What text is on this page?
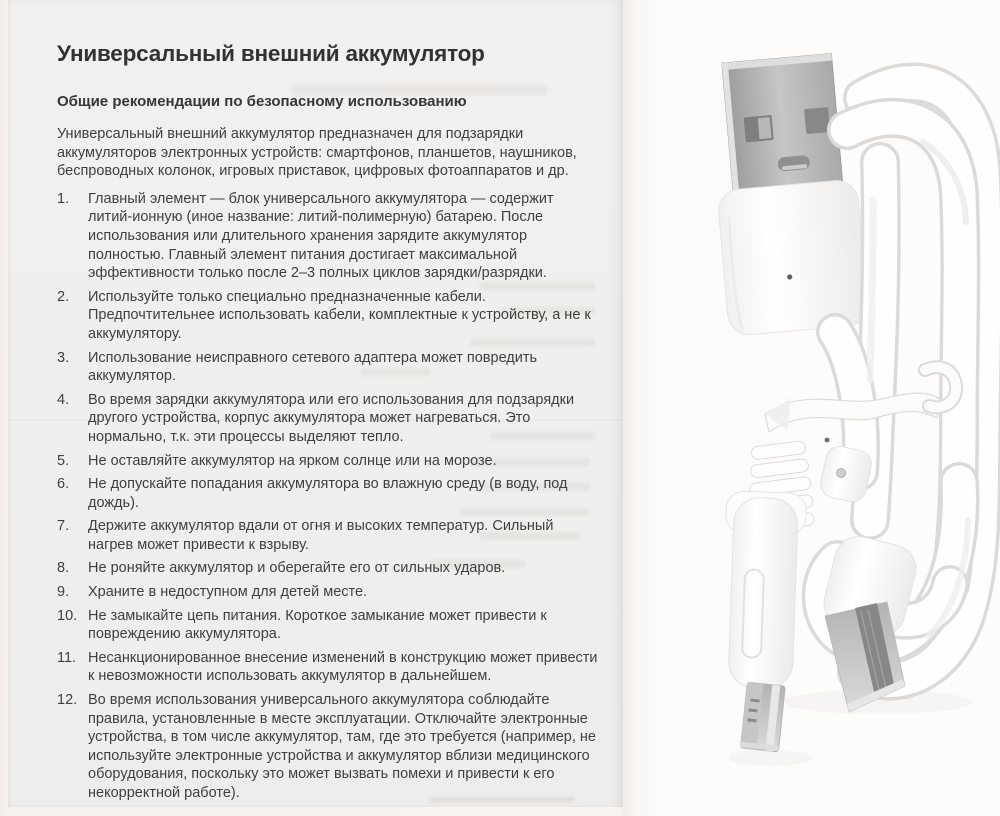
Универсальный внешний аккумулятор
Общие рекомендации по безопасному использованию

Универсальный внешний аккумулятор предназначен для подзарядки аккумуляторов электронных устройств: смартфонов, планшетов, наушников, беспроводных колонок, игровых приставок, цифровых фотоаппаратов и др.

1.	Главный элемент — блок универсального аккумулятора — содержит литий-ионную (иное название: литий-полимерную) батарею. После использования или длительного хранения зарядите аккумулятор полностью. Главный элемент питания достигает максимальной эффективности только после 2–3 полных циклов зарядки/разрядки.
2.	Используйте только специально предназначенные кабели. Предпочтительнее использовать кабели, комплектные к устройству, а не к аккумулятору.
3.	Использование неисправного сетевого адаптера может повредить аккумулятор.
4.	Во время зарядки аккумулятора или его использования для подзарядки другого устройства, корпус аккумулятора может нагреваться. Это нормально, т.к. эти процессы выделяют тепло.
5.	Не оставляйте аккумулятор на ярком солнце или на морозе.
6.	Не допускайте попадания аккумулятора во влажную среду (в воду, под дождь).
7.	Держите аккумулятор вдали от огня и высоких температур. Сильный нагрев может привести к взрыву.
8.	Не роняйте аккумулятор и оберегайте его от сильных ударов.
9.	Храните в недоступном для детей месте.
10. Не замыкайте цепь питания. Короткое замыкание может привести к повреждению аккумулятора.
11. Несанкционированное внесение изменений в конструкцию может привести к невозможности использовать аккумулятор в дальнейшем.
12. Во время использования универсального аккумулятора соблюдайте правила, установленные в месте эксплуатации. Отключайте электронные устройства, в том числе аккумулятор, там, где это требуется (например, не используйте электронные устройства и аккумулятор вблизи медицинского оборудования, поскольку это может вызвать помехи и привести к его некорректной работе).
